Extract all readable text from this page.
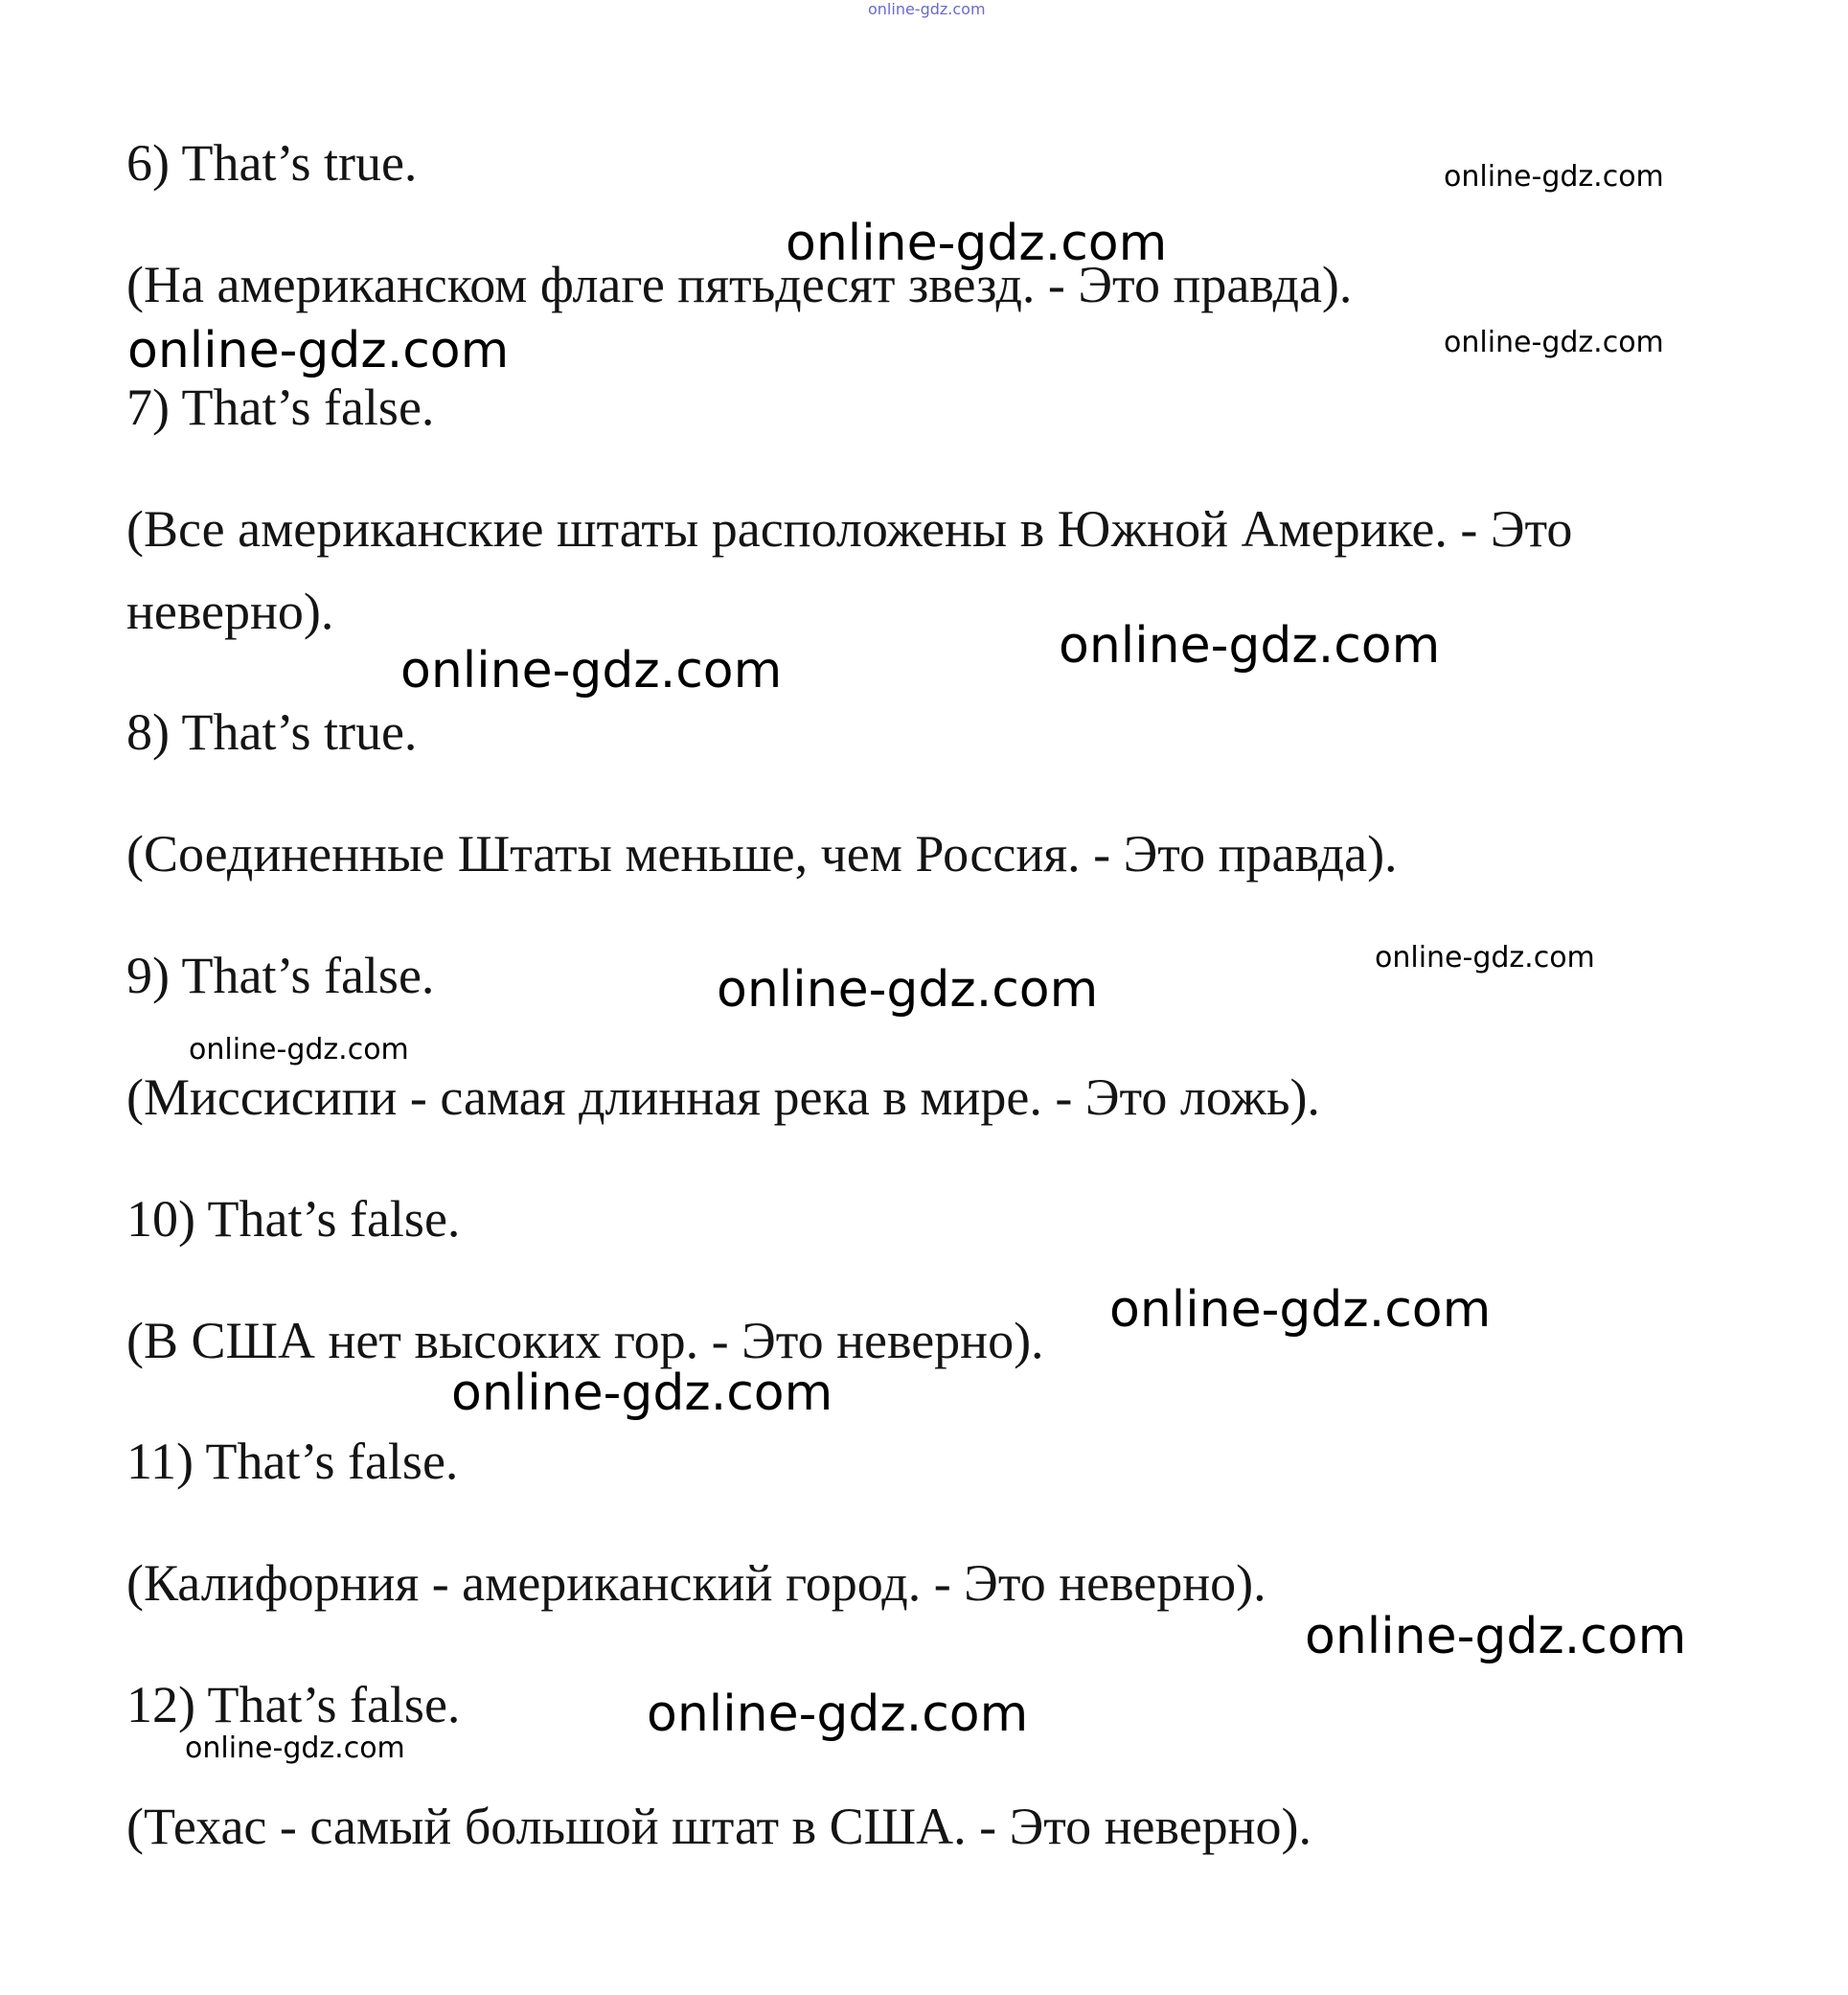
6) That’s true.

(На американском флаге пятьдесят звезд. - Это правда).

7) That’s false.

(Все американские штаты расположены в Южной Америке. - Это

неверно).

8) That’s true.

(Соединенные Штаты меньше, чем Россия. - Это правда).

9) That’s false.

(Миссисипи - самая длинная река в мире. - Это ложь).

10) That’s false.

(В США нет высоких гор. - Это неверно).

11) That’s false.

(Калифорния - американский город. - Это неверно).

12) That’s false.

(Техас - самый большой штат в США. - Это неверно).

online-gdz.com
online-gdz.com
online-gdz.com
online-gdz.com
online-gdz.com
online-gdz.com
online-gdz.com
online-gdz.com
online-gdz.com
online-gdz.com
online-gdz.com
online-gdz.com
online-gdz.com
online-gdz.com
online-gdz.com
